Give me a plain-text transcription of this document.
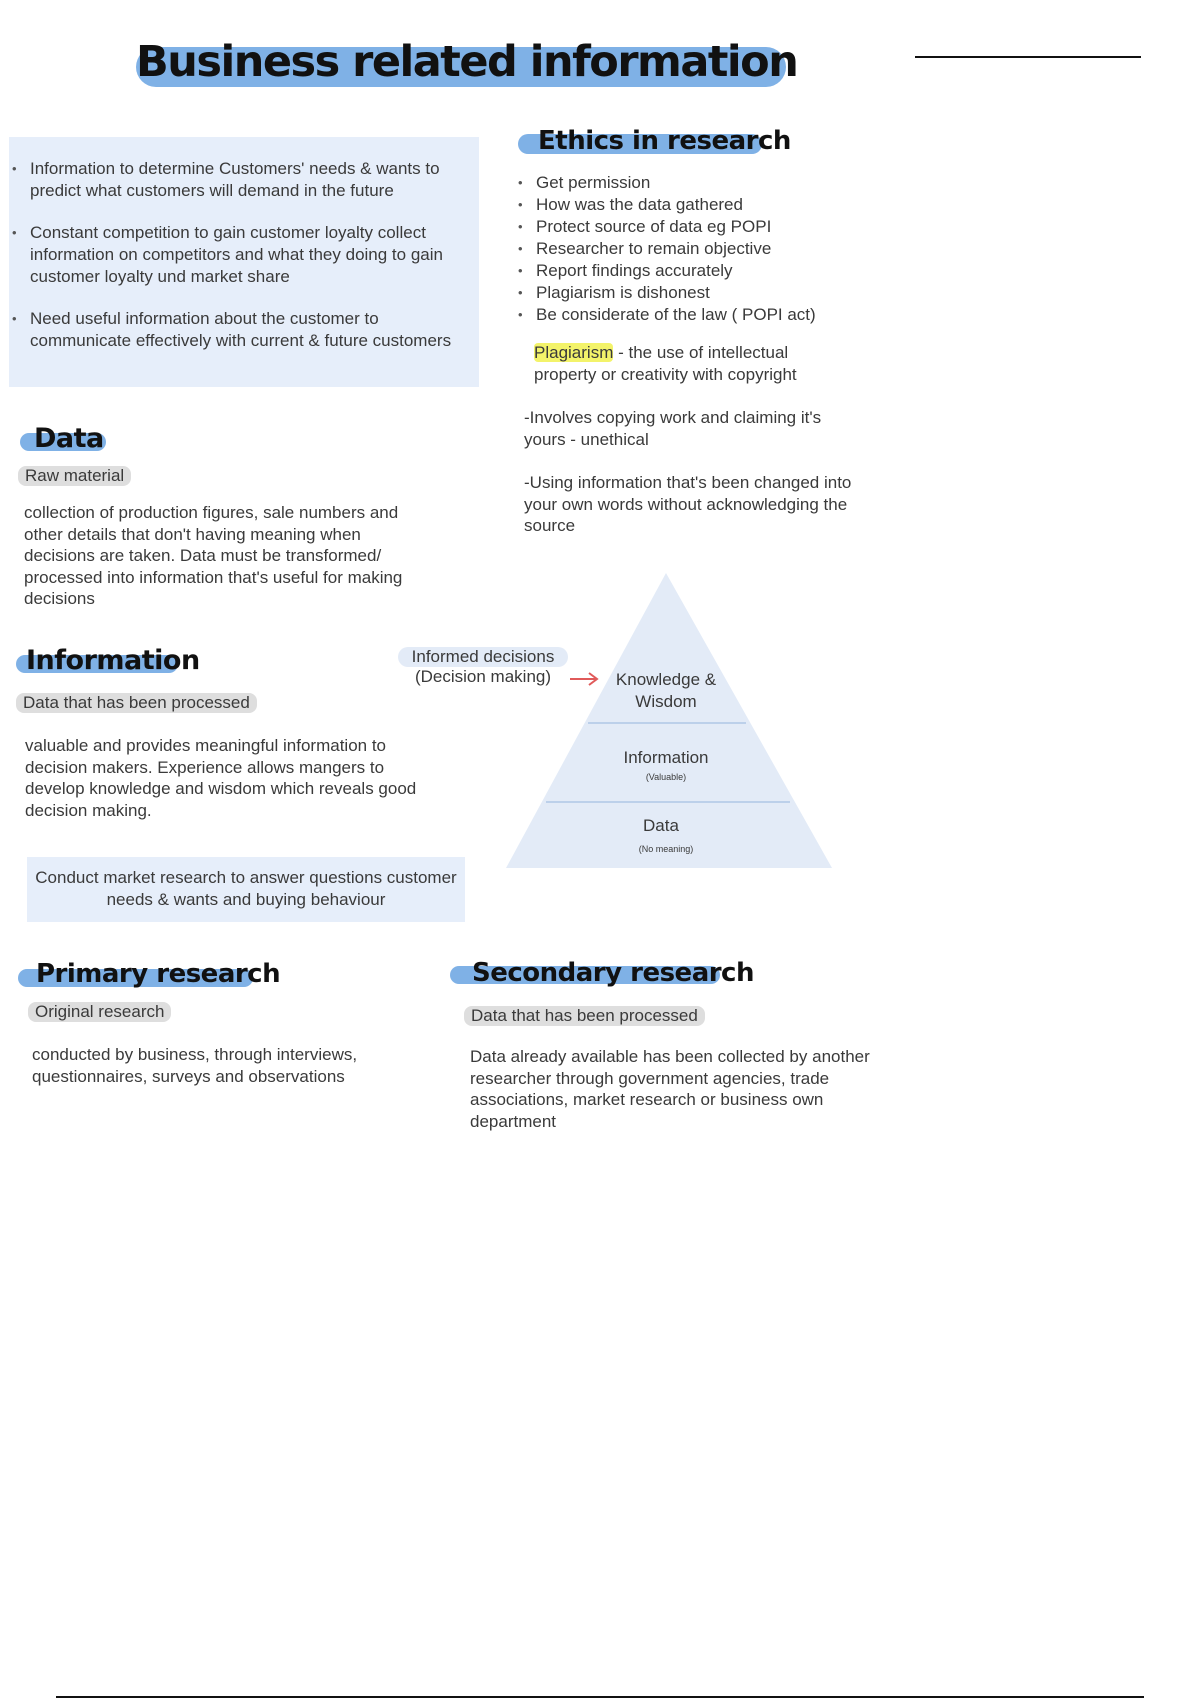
Business related information
• Information to determine Customers' needs & wants to predict what customers will demand in the future
• Constant competition to gain customer loyalty collect information on competitors and what they doing to gain customer loyalty und market share
• Need useful information about the customer to communicate effectively with current & future customers
Ethics in research
• Get permission
• How was the data gathered
• Protect source of data eg POPI
• Researcher to remain objective
• Report findings accurately
• Plagiarism is dishonest
• Be considerate of the law ( POPI act)
Plagiarism - the use of intellectual property or creativity with copyright
-Involves copying work and claiming it's yours - unethical
-Using information that's been changed into your own words without acknowledging the source
Data
Raw material
collection of production figures, sale numbers and other details that don't having meaning when decisions are taken. Data must be transformed/ processed into information that's useful for making decisions
Information
Data that has been processed
valuable and provides meaningful information to decision makers. Experience allows mangers to develop knowledge and wisdom which reveals good decision making.
Conduct market research to answer questions customer needs & wants and buying behaviour
Informed decisions
(Decision making)	Knowledge & Wisdom
Information
(Valuable)
Data
(No meaning)
Primary research
Original research
conducted by business, through interviews, questionnaires, surveys and observations
Secondary research
Data that has been processed
Data already available has been collected by another researcher through government agencies, trade associations, market research or business own department
